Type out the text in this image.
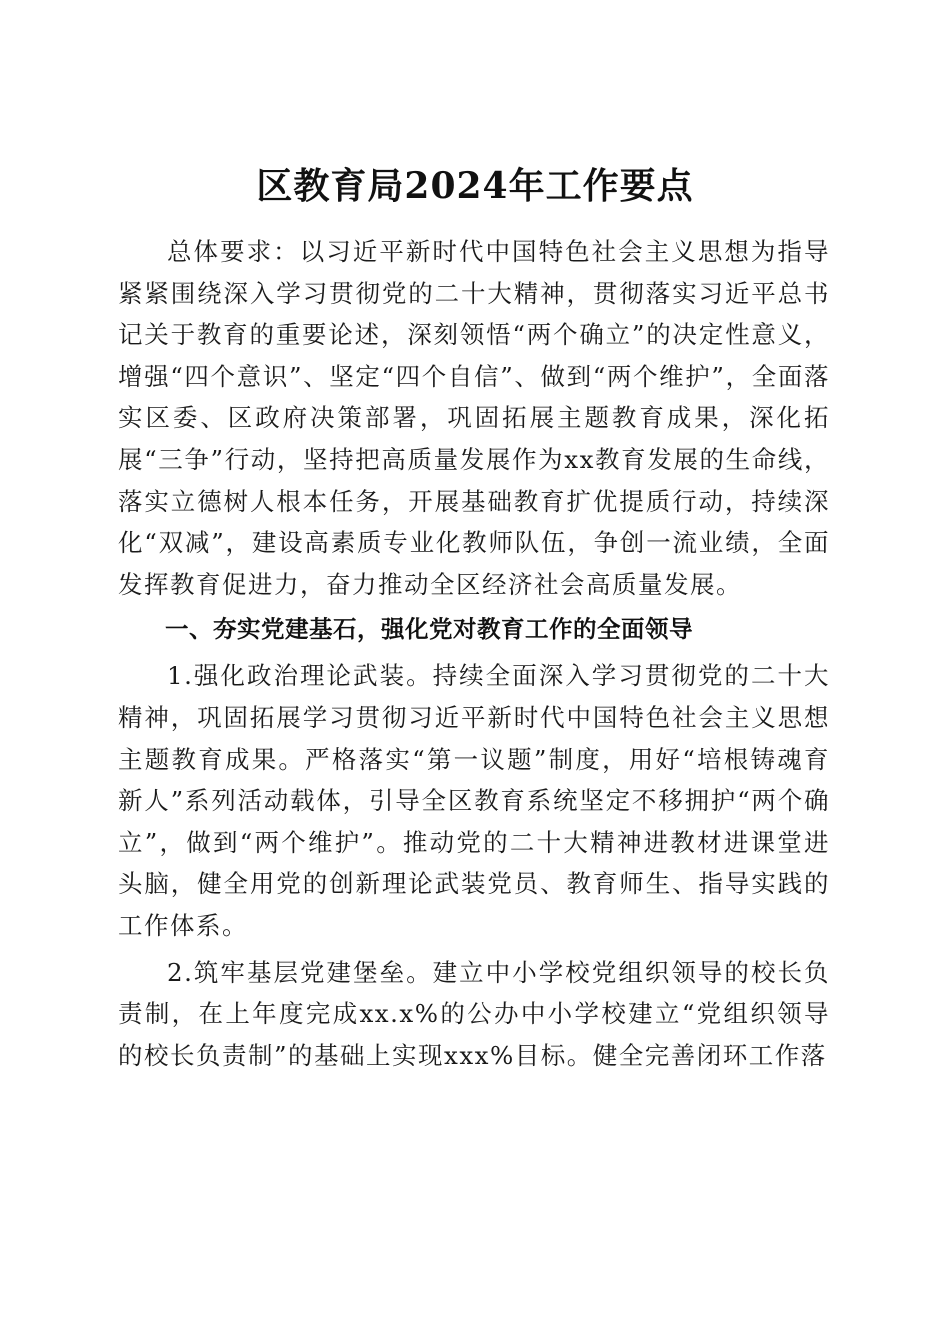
区教育局2024年工作要点

总体要求：以习近平新时代中国特色社会主义思想为指导紧紧围绕深入学习贯彻党的二十大精神，贯彻落实习近平总书记关于教育的重要论述，深刻领悟“两个确立”的决定性意义，增强“四个意识”、坚定“四个自信”、做到“两个维护”，全面落实区委、区政府决策部署，巩固拓展主题教育成果，深化拓展“三争”行动，坚持把高质量发展作为xx教育发展的生命线，落实立德树人根本任务，开展基础教育扩优提质行动，持续深化“双减”，建设高素质专业化教师队伍，争创一流业绩，全面发挥教育促进力，奋力推动全区经济社会高质量发展。

一、夯实党建基石，强化党对教育工作的全面领导

1.强化政治理论武装。持续全面深入学习贯彻党的二十大精神，巩固拓展学习贯彻习近平新时代中国特色社会主义思想主题教育成果。严格落实“第一议题”制度，用好“培根铸魂育新人”系列活动载体，引导全区教育系统坚定不移拥护“两个确立”，做到“两个维护”。推动党的二十大精神进教材进课堂进头脑，健全用党的创新理论武装党员、教育师生、指导实践的工作体系。

2.筑牢基层党建堡垒。建立中小学校党组织领导的校长负责制，在上年度完成xx.x%的公办中小学校建立“党组织领导的校长负责制”的基础上实现xxx%目标。健全完善闭环工作落
